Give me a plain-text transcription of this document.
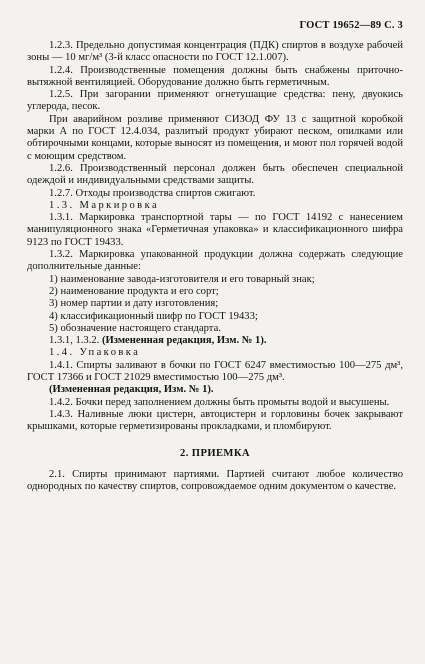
ГОСТ 19652—89 С. 3

1.2.3. Предельно допустимая концентрация (ПДК) спиртов в воздухе рабочей зоны — 10 мг/м³ (3-й класс опасности по ГОСТ 12.1.007).

1.2.4. Производственные помещения должны быть снабжены приточно-вытяжной вентиляцией. Оборудование должно быть герметичным.

1.2.5. При загорании применяют огнетушащие средства: пену, двуокись углерода, песок.

При аварийном розливе применяют СИЗОД ФУ 13 с защитной коробкой марки А по ГОСТ 12.4.034, разлитый продукт убирают песком, опилками или обтирочными концами, которые выносят из помещения, и моют пол горячей водой с моющим средством.

1.2.6. Производственный персонал должен быть обеспечен специальной одеждой и индивидуальными средствами защиты.

1.2.7. Отходы производства спиртов сжигают.

1.3. Маркировка

1.3.1. Маркировка транспортной тары — по ГОСТ 14192 с нанесением манипуляционного знака «Герметичная упаковка» и классификационного шифра 9123 по ГОСТ 19433.

1.3.2. Маркировка упакованной продукции должна содержать следующие дополнительные данные:

1) наименование завода-изготовителя и его товарный знак;

2) наименование продукта и его сорт;

3) номер партии и дату изготовления;

4) классификационный шифр по ГОСТ 19433;

5) обозначение настоящего стандарта.

1.3.1, 1.3.2. (Измененная редакция, Изм. № 1).

1.4. Упаковка

1.4.1. Спирты заливают в бочки по ГОСТ 6247 вместимостью 100—275 дм³, ГОСТ 17366 и ГОСТ 21029 вместимостью 100—275 дм³.

(Измененная редакция, Изм. № 1).

1.4.2. Бочки перед заполнением должны быть промыты водой и высушены.

1.4.3. Наливные люки цистерн, автоцистерн и горловины бочек закрывают крышками, которые герметизированы прокладками, и пломбируют.

2. ПРИЕМКА

2.1. Спирты принимают партиями. Партией считают любое количество однородных по качеству спиртов, сопровождаемое одним документом о качестве.
